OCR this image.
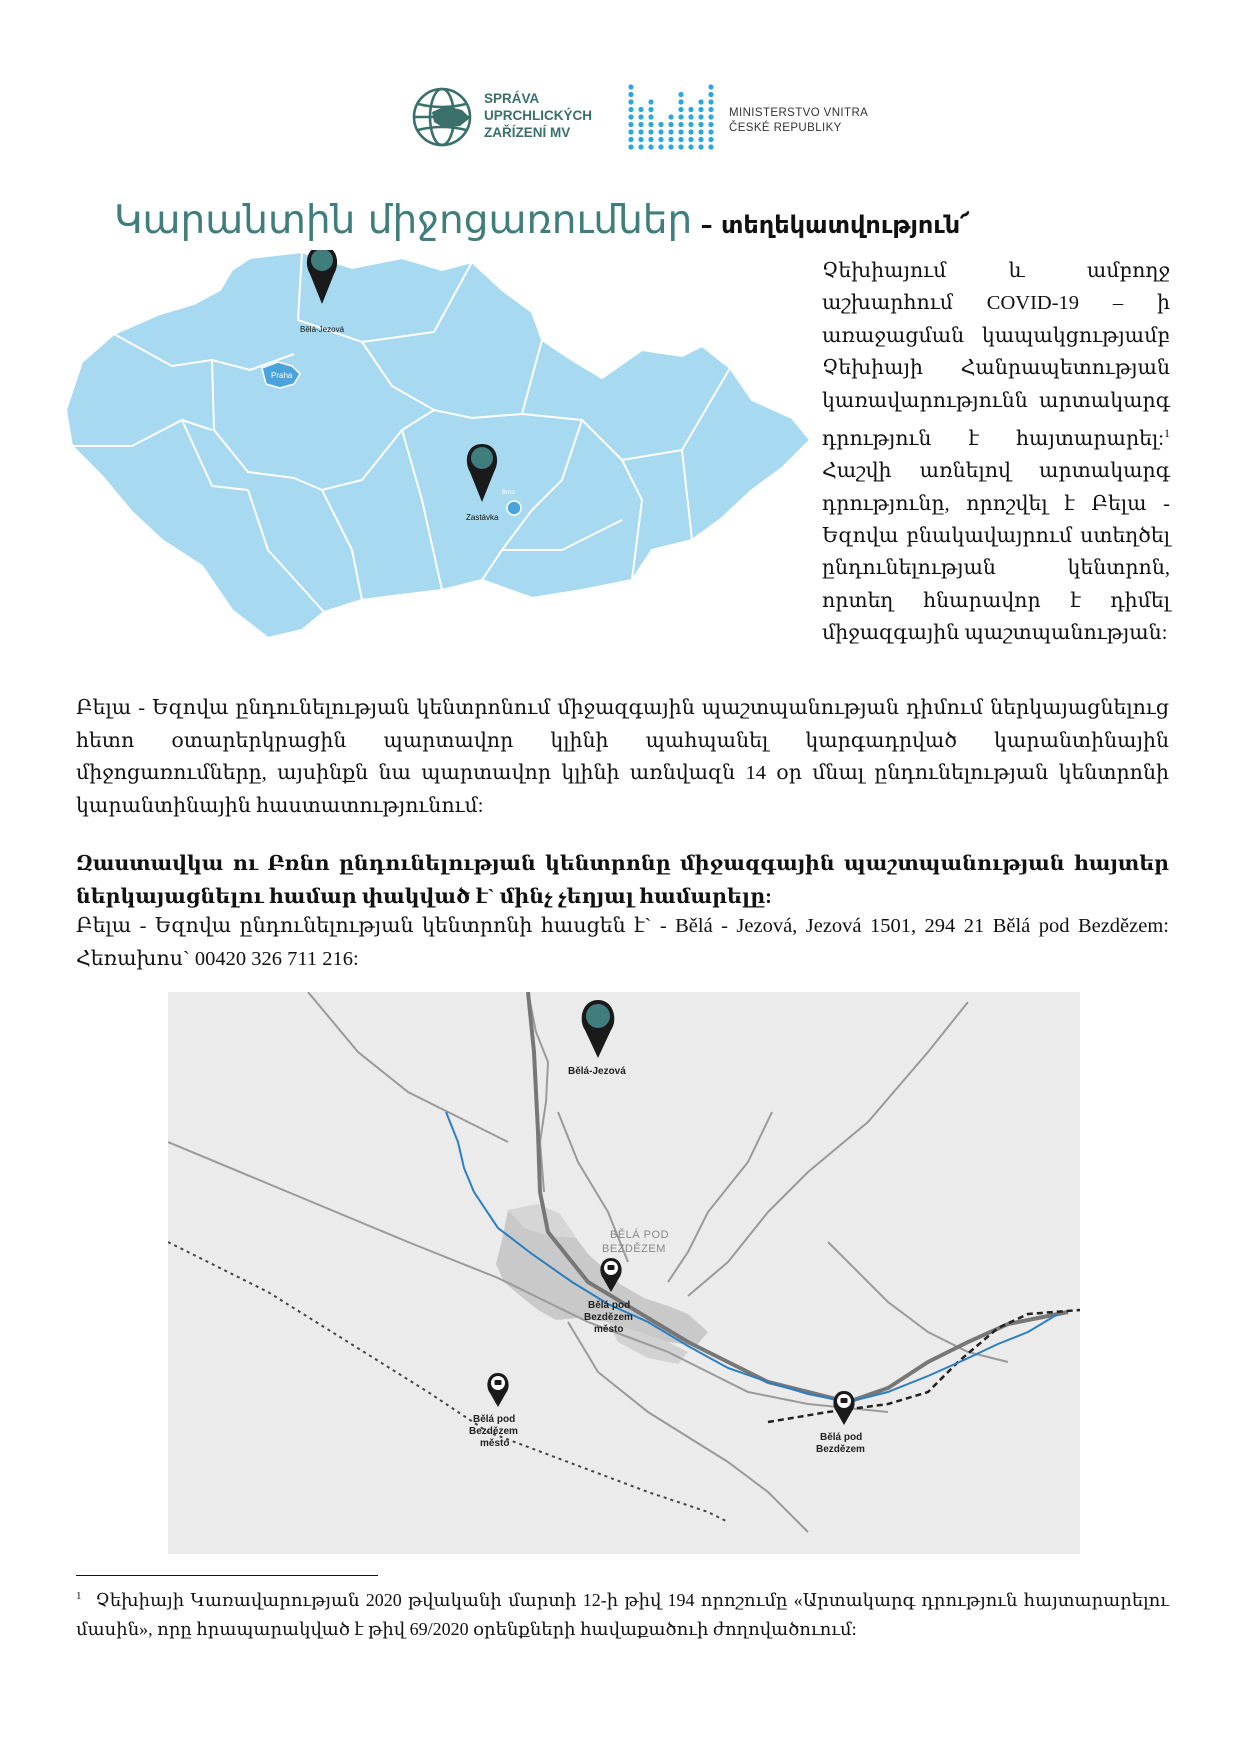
SPRÁVA
UPRCHLICKÝCH
ZAŘÍZENÍ MV
MINISTERSTVO VNITRA
ČESKÉ REPUBLIKY
Կարանտին միջոցառումներ – տեղեկատվություն՜
Praha
Brno
Bělá-Jezová
Zastávka
Չեխիայում և ամբողջ աշխարհում COVID-19 – ի առաջացման կապակցությամբ Չեխիայի Հանրապետության կառավարությունն արտակարգ դրություն է հայտարարել:$^1$ Հաշվի առնելով արտակարգ դրությունը, որոշվել է Բելա - Եզովա բնակավայրում ստեղծել ընդունելության կենտրոն, որտեղ հնարավոր է դիմել միջազգային պաշտպանության:
Բելա - Եզովա ընդունելության կենտրոնում միջազգային պաշտպանության դիմում ներկայացնելուց հետո օտարերկրացին պարտավոր կլինի պահպանել կարգադրված կարանտինային միջոցառումները, այսինքն նա պարտավոր կլինի առնվազն 14 օր մնալ ընդունելության կենտրոնի կարանտինային հաստատությունում:
Զաստավկա ու Բռնո ընդունելության կենտրոնը միջազգային պաշտպանության հայտեր ներկայացնելու համար փակված է` մինչ չեղյալ համարելը:
Բելա - Եզովա ընդունելության կենտրոնի հասցեն է` - Bělá - Jezová, Jezová 1501, 294 21 Bělá pod Bezdězem: Հեռախոս` 00420 326 711 216:
BĚLÁ POD
BEZDĚZEM
Bělá-Jezová
Bělá pod
Bezdězem
město
Bělá pod
Bezdězem
město
Bělá pod
Bezdězem
$^1$ Չեխիայի Կառավարության 2020 թվականի մարտի 12-ի թիվ 194 որոշումը «Արտակարգ դրություն հայտարարելու մասին», որը հրապարակված է թիվ 69/2020 օրենքների հավաքածուի ժողովածուում:
